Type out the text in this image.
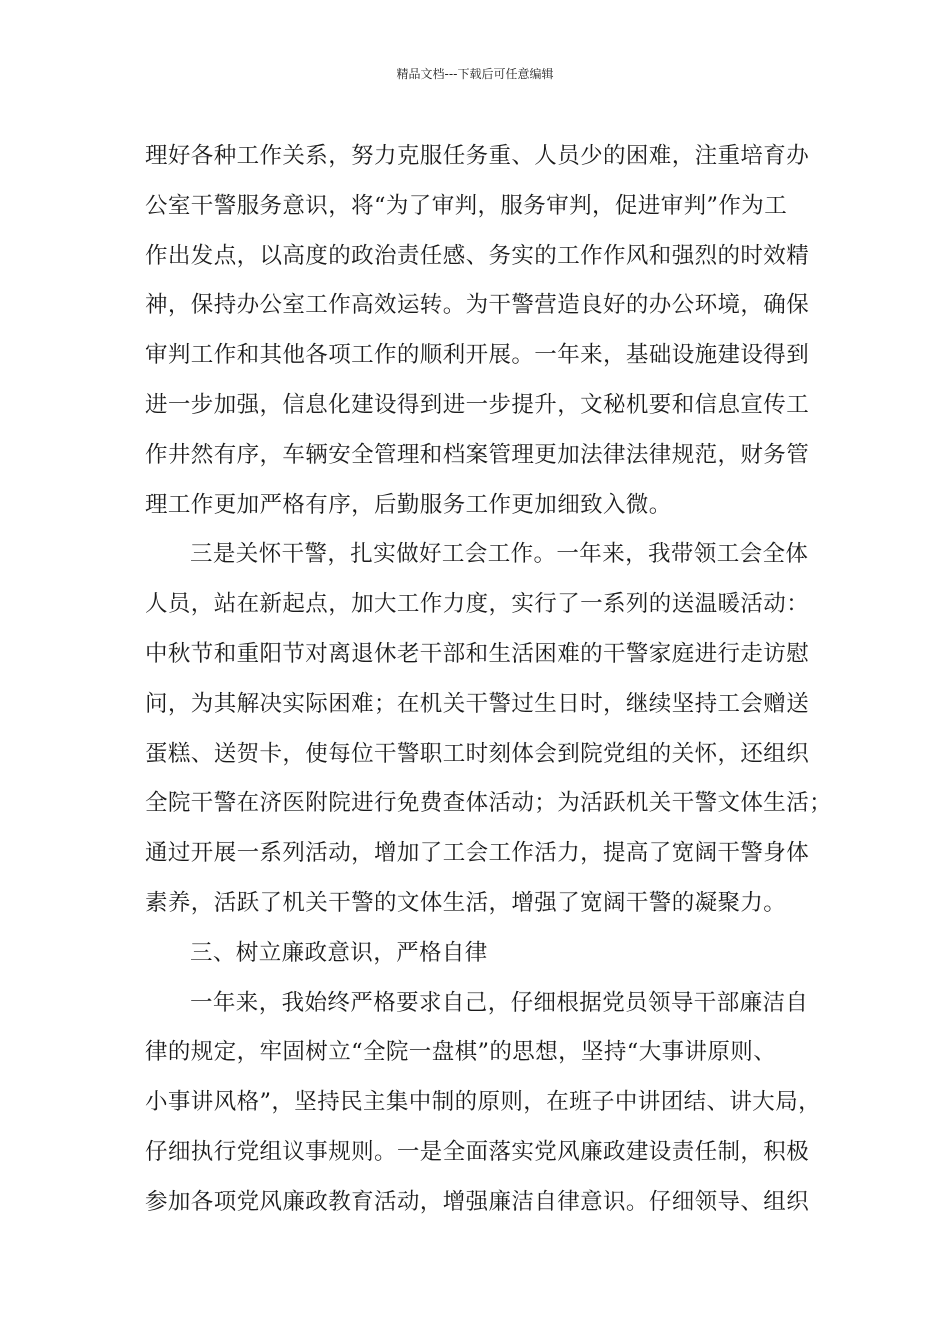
精品文档---下载后可任意编辑
理好各种工作关系，努力克服任务重、人员少的困难，注重培育办
公室干警服务意识，将“为了审判，服务审判，促进审判”作为工
作出发点，以高度的政治责任感、务实的工作作风和强烈的时效精
神，保持办公室工作高效运转。为干警营造良好的办公环境，确保
审判工作和其他各项工作的顺利开展。一年来，基础设施建设得到
进一步加强，信息化建设得到进一步提升，文秘机要和信息宣传工
作井然有序，车辆安全管理和档案管理更加法律法律规范，财务管
理工作更加严格有序，后勤服务工作更加细致入微。
三是关怀干警，扎实做好工会工作。一年来，我带领工会全体
人员，站在新起点，加大工作力度，实行了一系列的送温暖活动：
中秋节和重阳节对离退休老干部和生活困难的干警家庭进行走访慰
问，为其解决实际困难；在机关干警过生日时，继续坚持工会赠送
蛋糕、送贺卡，使每位干警职工时刻体会到院党组的关怀，还组织
全院干警在济医附院进行免费查体活动；为活跃机关干警文体生活；
通过开展一系列活动，增加了工会工作活力，提高了宽阔干警身体
素养，活跃了机关干警的文体生活，增强了宽阔干警的凝聚力。
三、树立廉政意识，严格自律
一年来，我始终严格要求自己，仔细根据党员领导干部廉洁自
律的规定，牢固树立“全院一盘棋”的思想，坚持“大事讲原则、
小事讲风格”，坚持民主集中制的原则，在班子中讲团结、讲大局，
仔细执行党组议事规则。一是全面落实党风廉政建设责任制，积极
参加各项党风廉政教育活动，增强廉洁自律意识。仔细领导、组织
